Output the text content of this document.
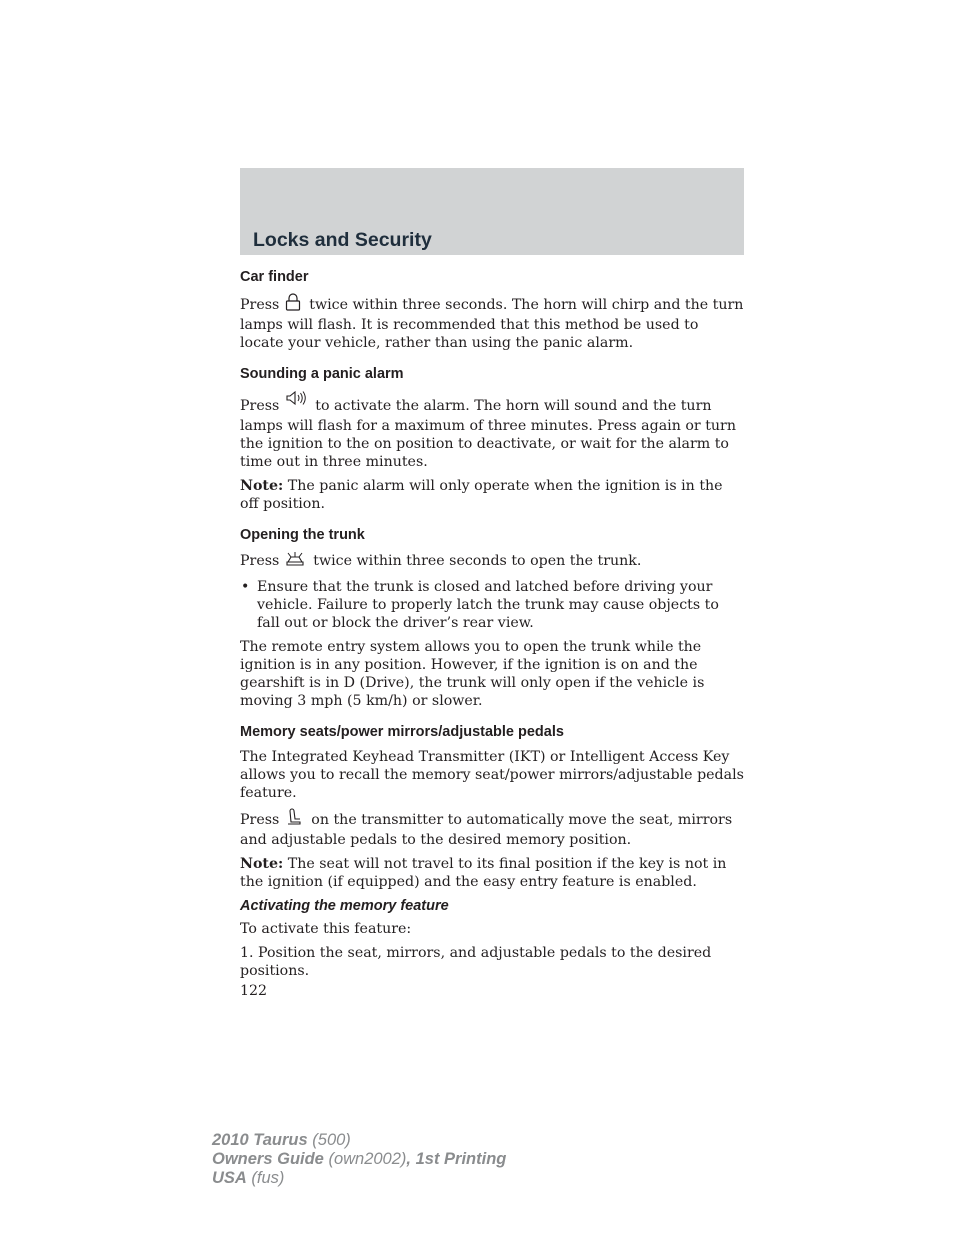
Locks and Security
Car finder

Press twice within three seconds. The horn will chirp and the turn lamps will flash. It is recommended that this method be used to locate your vehicle, rather than using the panic alarm.

Sounding a panic alarm

Press	to activate the alarm. The horn will sound and the turn lamps will flash for a maximum of three minutes. Press again or turn the ignition to the on position to deactivate, or wait for the alarm to time out in three minutes.

Note: The panic alarm will only operate when the ignition is in the off position.

Opening the trunk

Press twice within three seconds to open the trunk.

• Ensure that the trunk is closed and latched before driving your vehicle. Failure to properly latch the trunk may cause objects to fall out or block the driver’s rear view.

The remote entry system allows you to open the trunk while the ignition is in any position. However, if the ignition is on and the gearshift is in D (Drive), the trunk will only open if the vehicle is moving 3 mph (5 km/h) or slower.

Memory seats/power mirrors/adjustable pedals

The Integrated Keyhead Transmitter (IKT) or Intelligent Access Key allows you to recall the memory seat/power mirrors/adjustable pedals feature.

Press on the transmitter to automatically move the seat, mirrors and adjustable pedals to the desired memory position.

Note: The seat will not travel to its final position if the key is not in the ignition (if equipped) and the easy entry feature is enabled.

Activating the memory feature

To activate this feature:

1. Position the seat, mirrors, and adjustable pedals to the desired positions.

122
2010 Taurus (500)
Owners Guide (own2002), 1st Printing
USA (fus)
